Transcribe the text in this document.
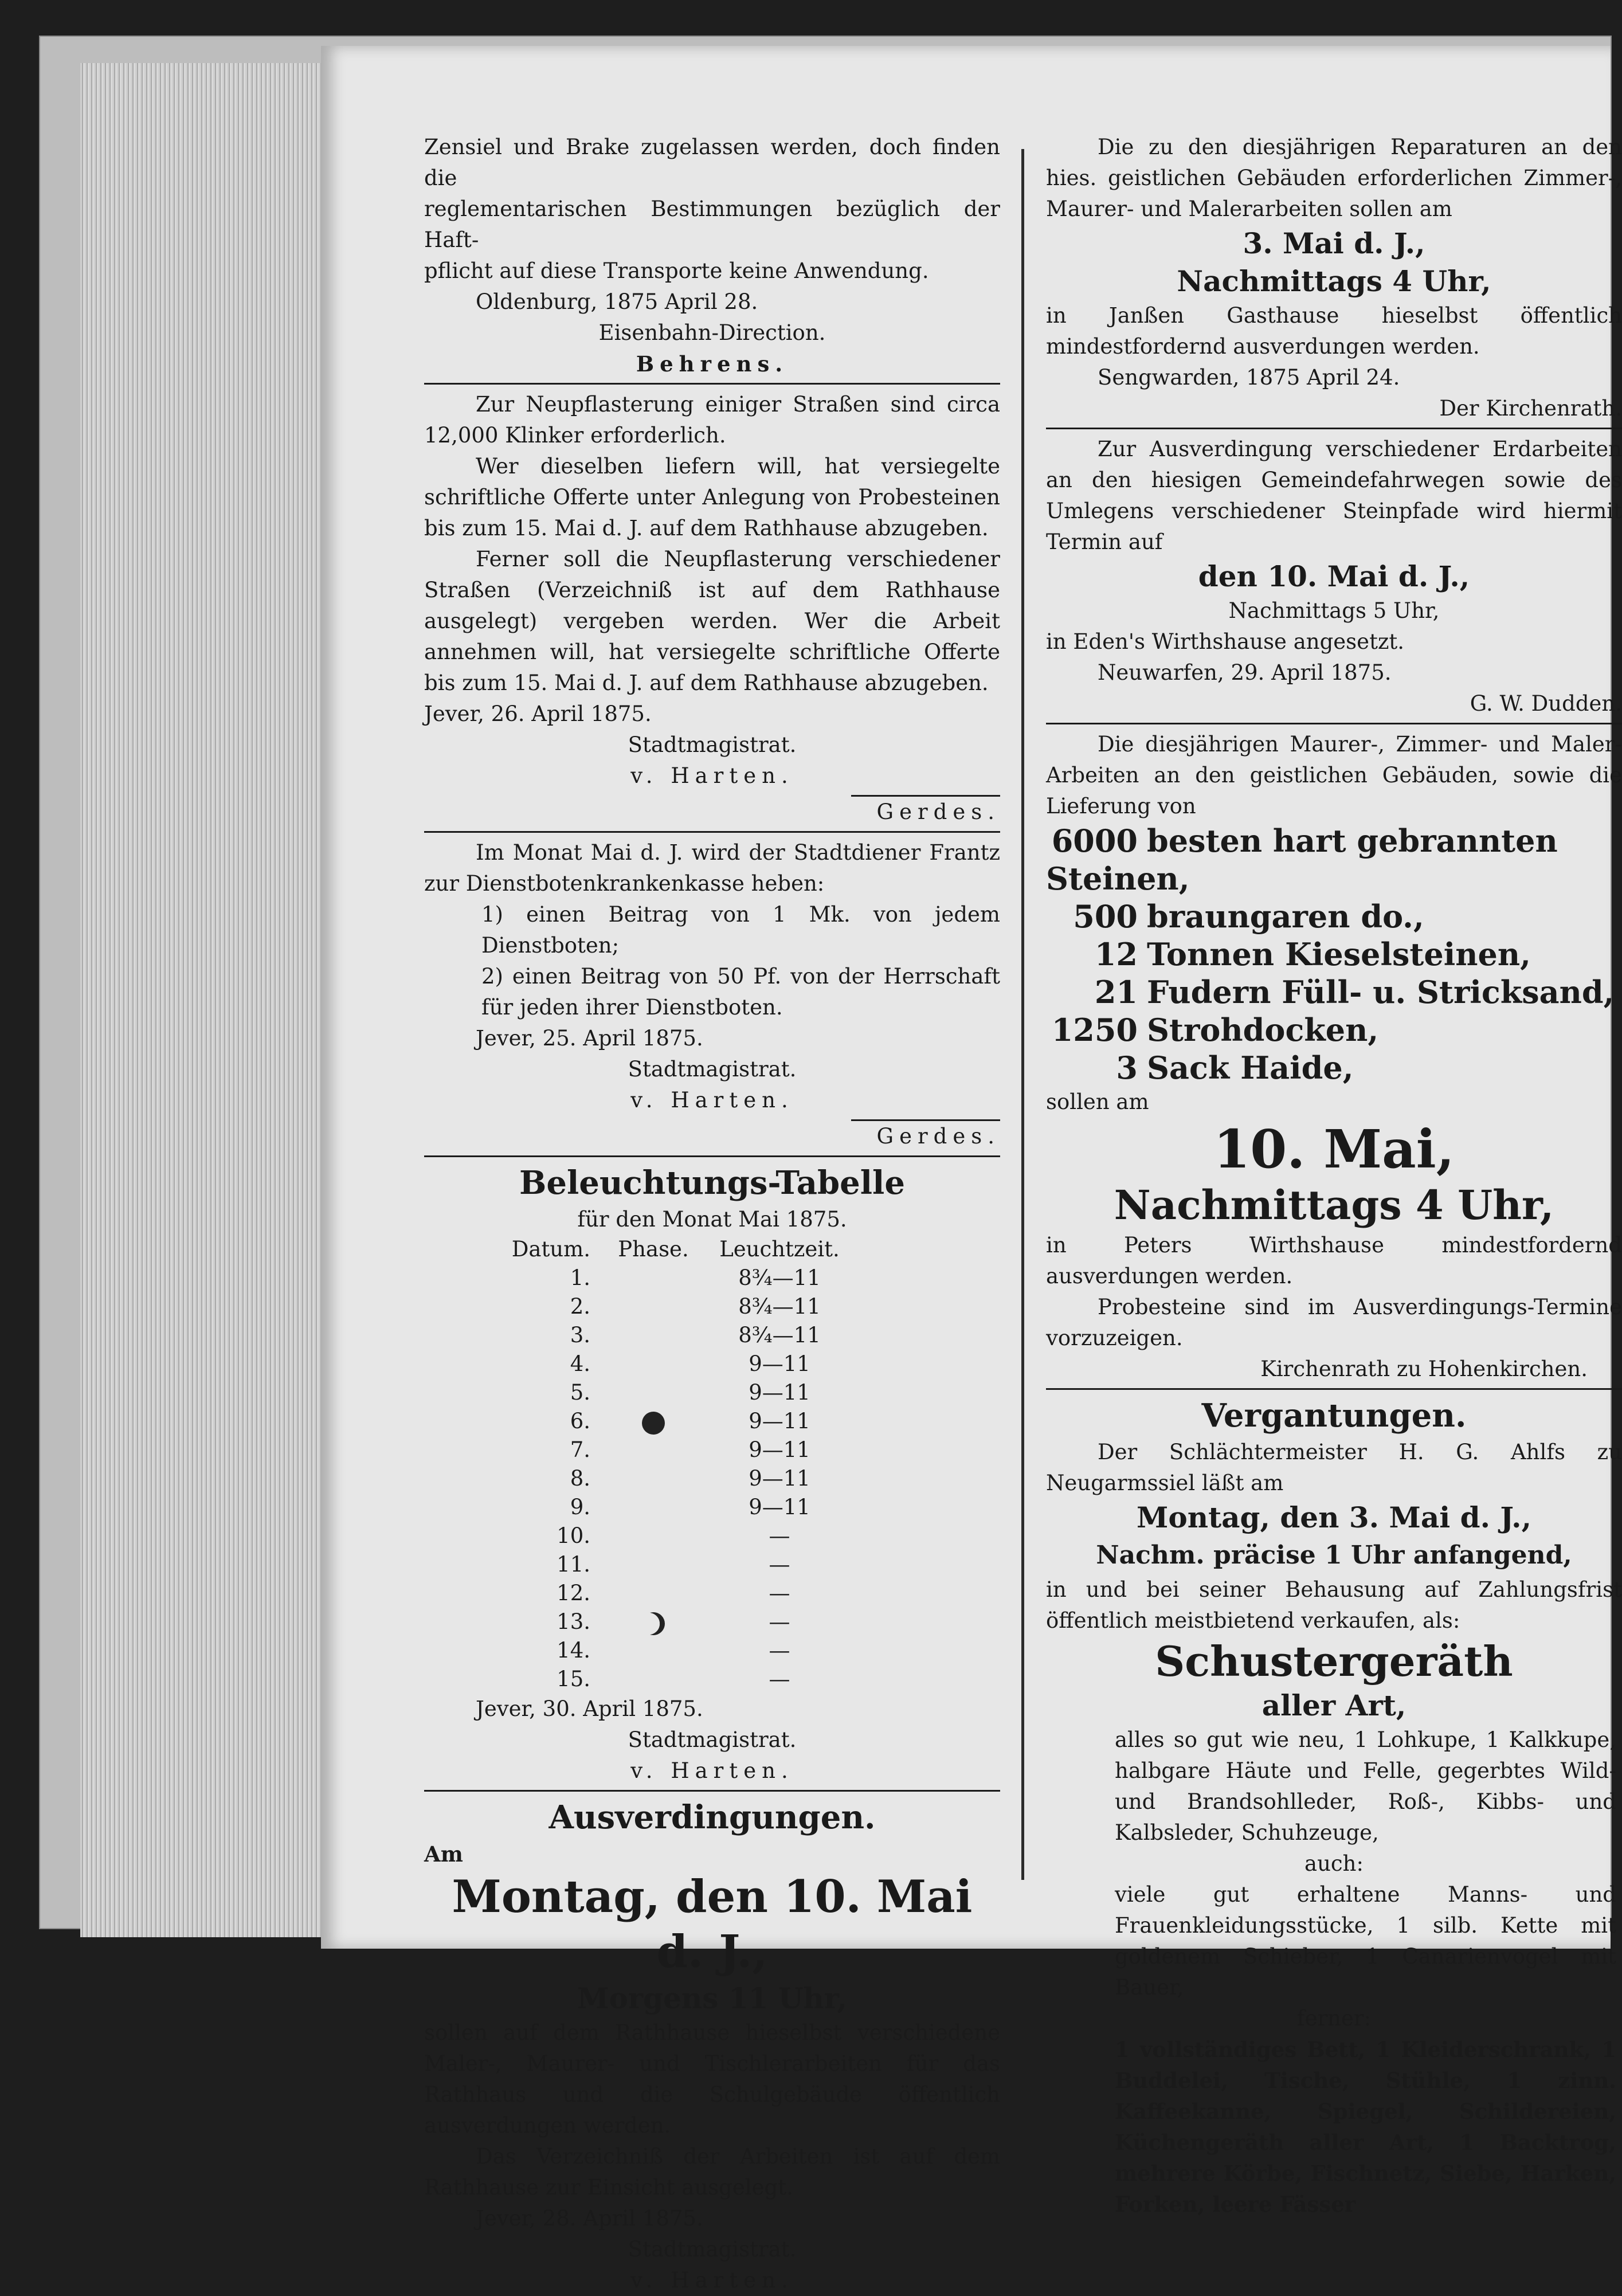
Zensiel und Brake zugelassen werden, doch finden die

reglementarischen Bestimmungen bezüglich der Haft-

pflicht auf diese Transporte keine Anwendung.

Oldenburg, 1875 April 28.

Eisenbahn-Direction.

Behrens.

Zur Neupflasterung einiger Straßen sind circa 12,000 Klinker erforderlich.

Wer dieselben liefern will, hat versiegelte schriftliche Offerte unter Anlegung von Probesteinen bis zum 15. Mai d. J. auf dem Rathhause abzugeben.

Ferner soll die Neupflasterung verschiedener Straßen (Verzeichniß ist auf dem Rathhause ausgelegt) vergeben werden. Wer die Arbeit annehmen will, hat versiegelte schriftliche Offerte bis zum 15. Mai d. J. auf dem Rathhause abzugeben.

Jever, 26. April 1875.

Stadtmagistrat.

v. Harten.

Gerdes.

Im Monat Mai d. J. wird der Stadtdiener Frantz zur Dienstbotenkrankenkasse heben:

1) einen Beitrag von 1 Mk. von jedem Dienstboten;

2) einen Beitrag von 50 Pf. von der Herrschaft für jeden ihrer Dienstboten.

Jever, 25. April 1875.

Stadtmagistrat.

v. Harten.

Gerdes.

Beleuchtungs-Tabelle

für den Monat Mai 1875.

Datum.	Phase.	Leuchtzeit.
1.		8¾—11
2.		8¾—11
3.		8¾—11
4.		9—11
5.		9—11
6.		9—11
7.		9—11
8.		9—11
9.		9—11
10.		—
11.		—
12.		—
13.		—
14.		—
15.		—

Jever, 30. April 1875.

Stadtmagistrat.

v. Harten.

Ausverdingungen.

Am

Montag, den 10. Mai d. J.,

Morgens 11 Uhr,

sollen auf dem Rathhause hieselbst verschiedene Maler-, Maurer- und Tischlerarbeiten für das Rathhaus und die Schulgebäude öffentlich ausverdungen werden.

Das Verzeichniß der Arbeiten ist auf dem Rathhause zur Einsicht ausgelegt.

Jever, 28. April 1875.

Stadtmagistrat.

v. Harten.

Die zu den diesjährigen Reparaturen an den hies. geistlichen Gebäuden erforderlichen Zimmer-, Maurer- und Malerarbeiten sollen am

3. Mai d. J.,

Nachmittags 4 Uhr,

in Janßen Gasthause hieselbst öffentlich mindestfordernd ausverdungen werden.

Sengwarden, 1875 April 24.

Der Kirchenrath.

Zur Ausverdingung verschiedener Erdarbeiten an den hiesigen Gemeindefahrwegen sowie des Umlegens verschiedener Steinpfade wird hiermit Termin auf

den 10. Mai d. J.,

Nachmittags 5 Uhr,

in Eden's Wirthshause angesetzt.

Neuwarfen, 29. April 1875.

G. W. Dudden.

Die diesjährigen Maurer-, Zimmer- und Maler-Arbeiten an den geistlichen Gebäuden, sowie die Lieferung von

6000 besten hart gebrannten Steinen,

500 braungaren do.,

12 Tonnen Kieselsteinen,

21 Fudern Füll- u. Stricksand,

1250 Strohdocken,

3 Sack Haide,

sollen am

10. Mai,

Nachmittags 4 Uhr,

in Peters Wirthshause mindestfordernd ausverdungen werden.

Probesteine sind im Ausverdingungs-Termine vorzuzeigen.

Kirchenrath zu Hohenkirchen.

Vergantungen.

Der Schlächtermeister H. G. Ahlfs zu Neugarmssiel läßt am

Montag, den 3. Mai d. J.,

Nachm. präcise 1 Uhr anfangend,

in und bei seiner Behausung auf Zahlungsfrist öffentlich meistbietend verkaufen, als:

Schustergeräth

aller Art,

alles so gut wie neu, 1 Lohkupe, 1 Kalkkupe, halbgare Häute und Felle, gegerbtes Wild- und Brandsohlleder, Roß-, Kibbs- und Kalbsleder, Schuhzeuge,

auch:

viele gut erhaltene Manns- und Frauenkleidungsstücke, 1 silb. Kette mit goldenem Schieber, 1 Canarienvogel mit Bauer,

ferner:

1 vollständiges Bett, 1 Kleiderschrank, 1 Buddelei, Tische, Stühle, 1 zinn. Kaffeekanne, Spiegel, Schildereien, Küchengeräth aller Art, 1 Backtrog, mehrere Körbe, Fischnetz, Siebe, Harken, Forken, leere Fässer
